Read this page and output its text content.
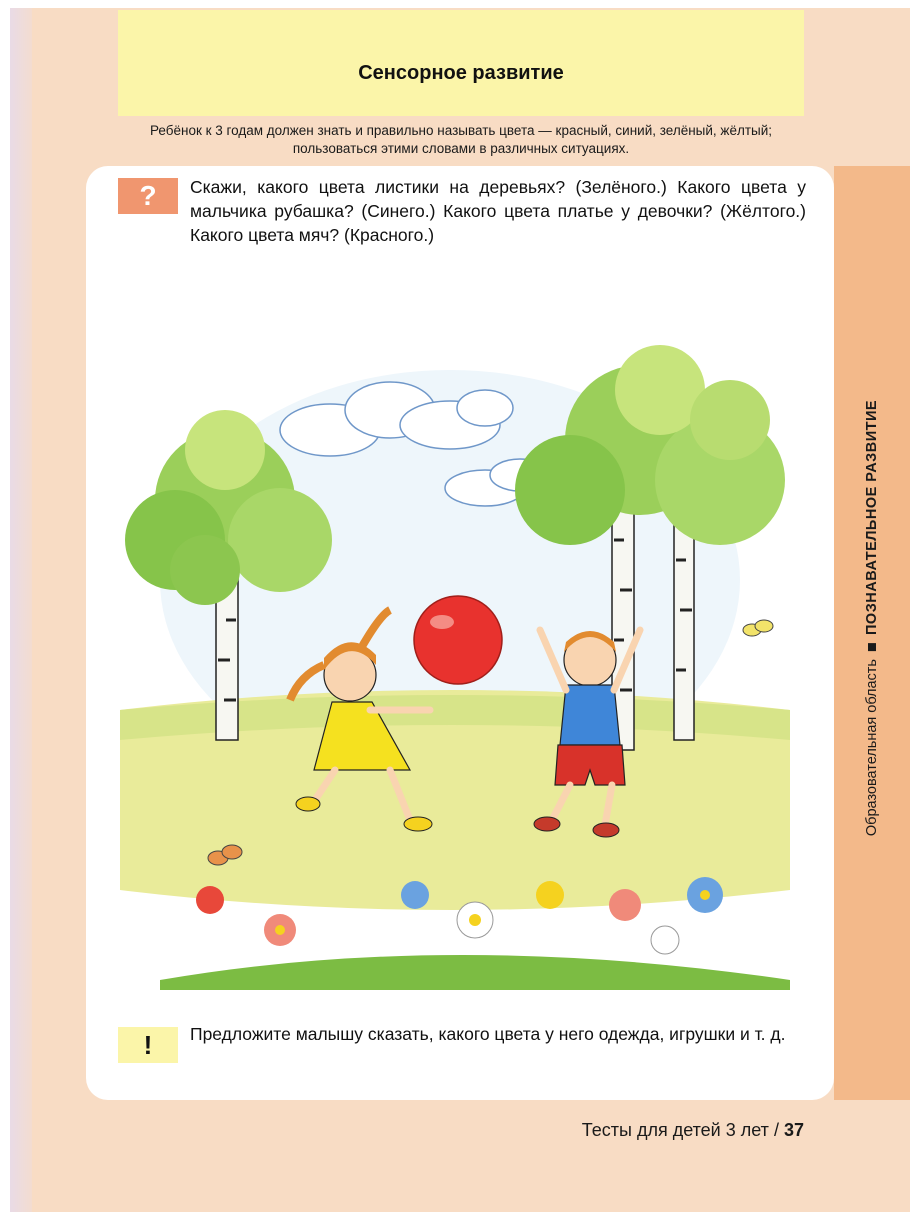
Сенсорное развитие
Ребёнок к 3 годам должен знать и правильно называть цвета — красный, синий, зелёный, жёлтый; пользоваться этими словами в различных ситуациях.
Образовательная областьПОЗНАВАТЕЛЬНОЕ РАЗВИТИЕ
?	Скажи, какого цвета листики на деревьях? (Зелёного.) Какого цвета у мальчика рубашка? (Синего.) Какого цвета платье у девочки? (Жёлтого.) Какого цвета мяч? (Красного.)
!	Предложите малышу сказать, какого цвета у него одежда, игрушки и т. д.
Тесты для детей 3 лет / 37
